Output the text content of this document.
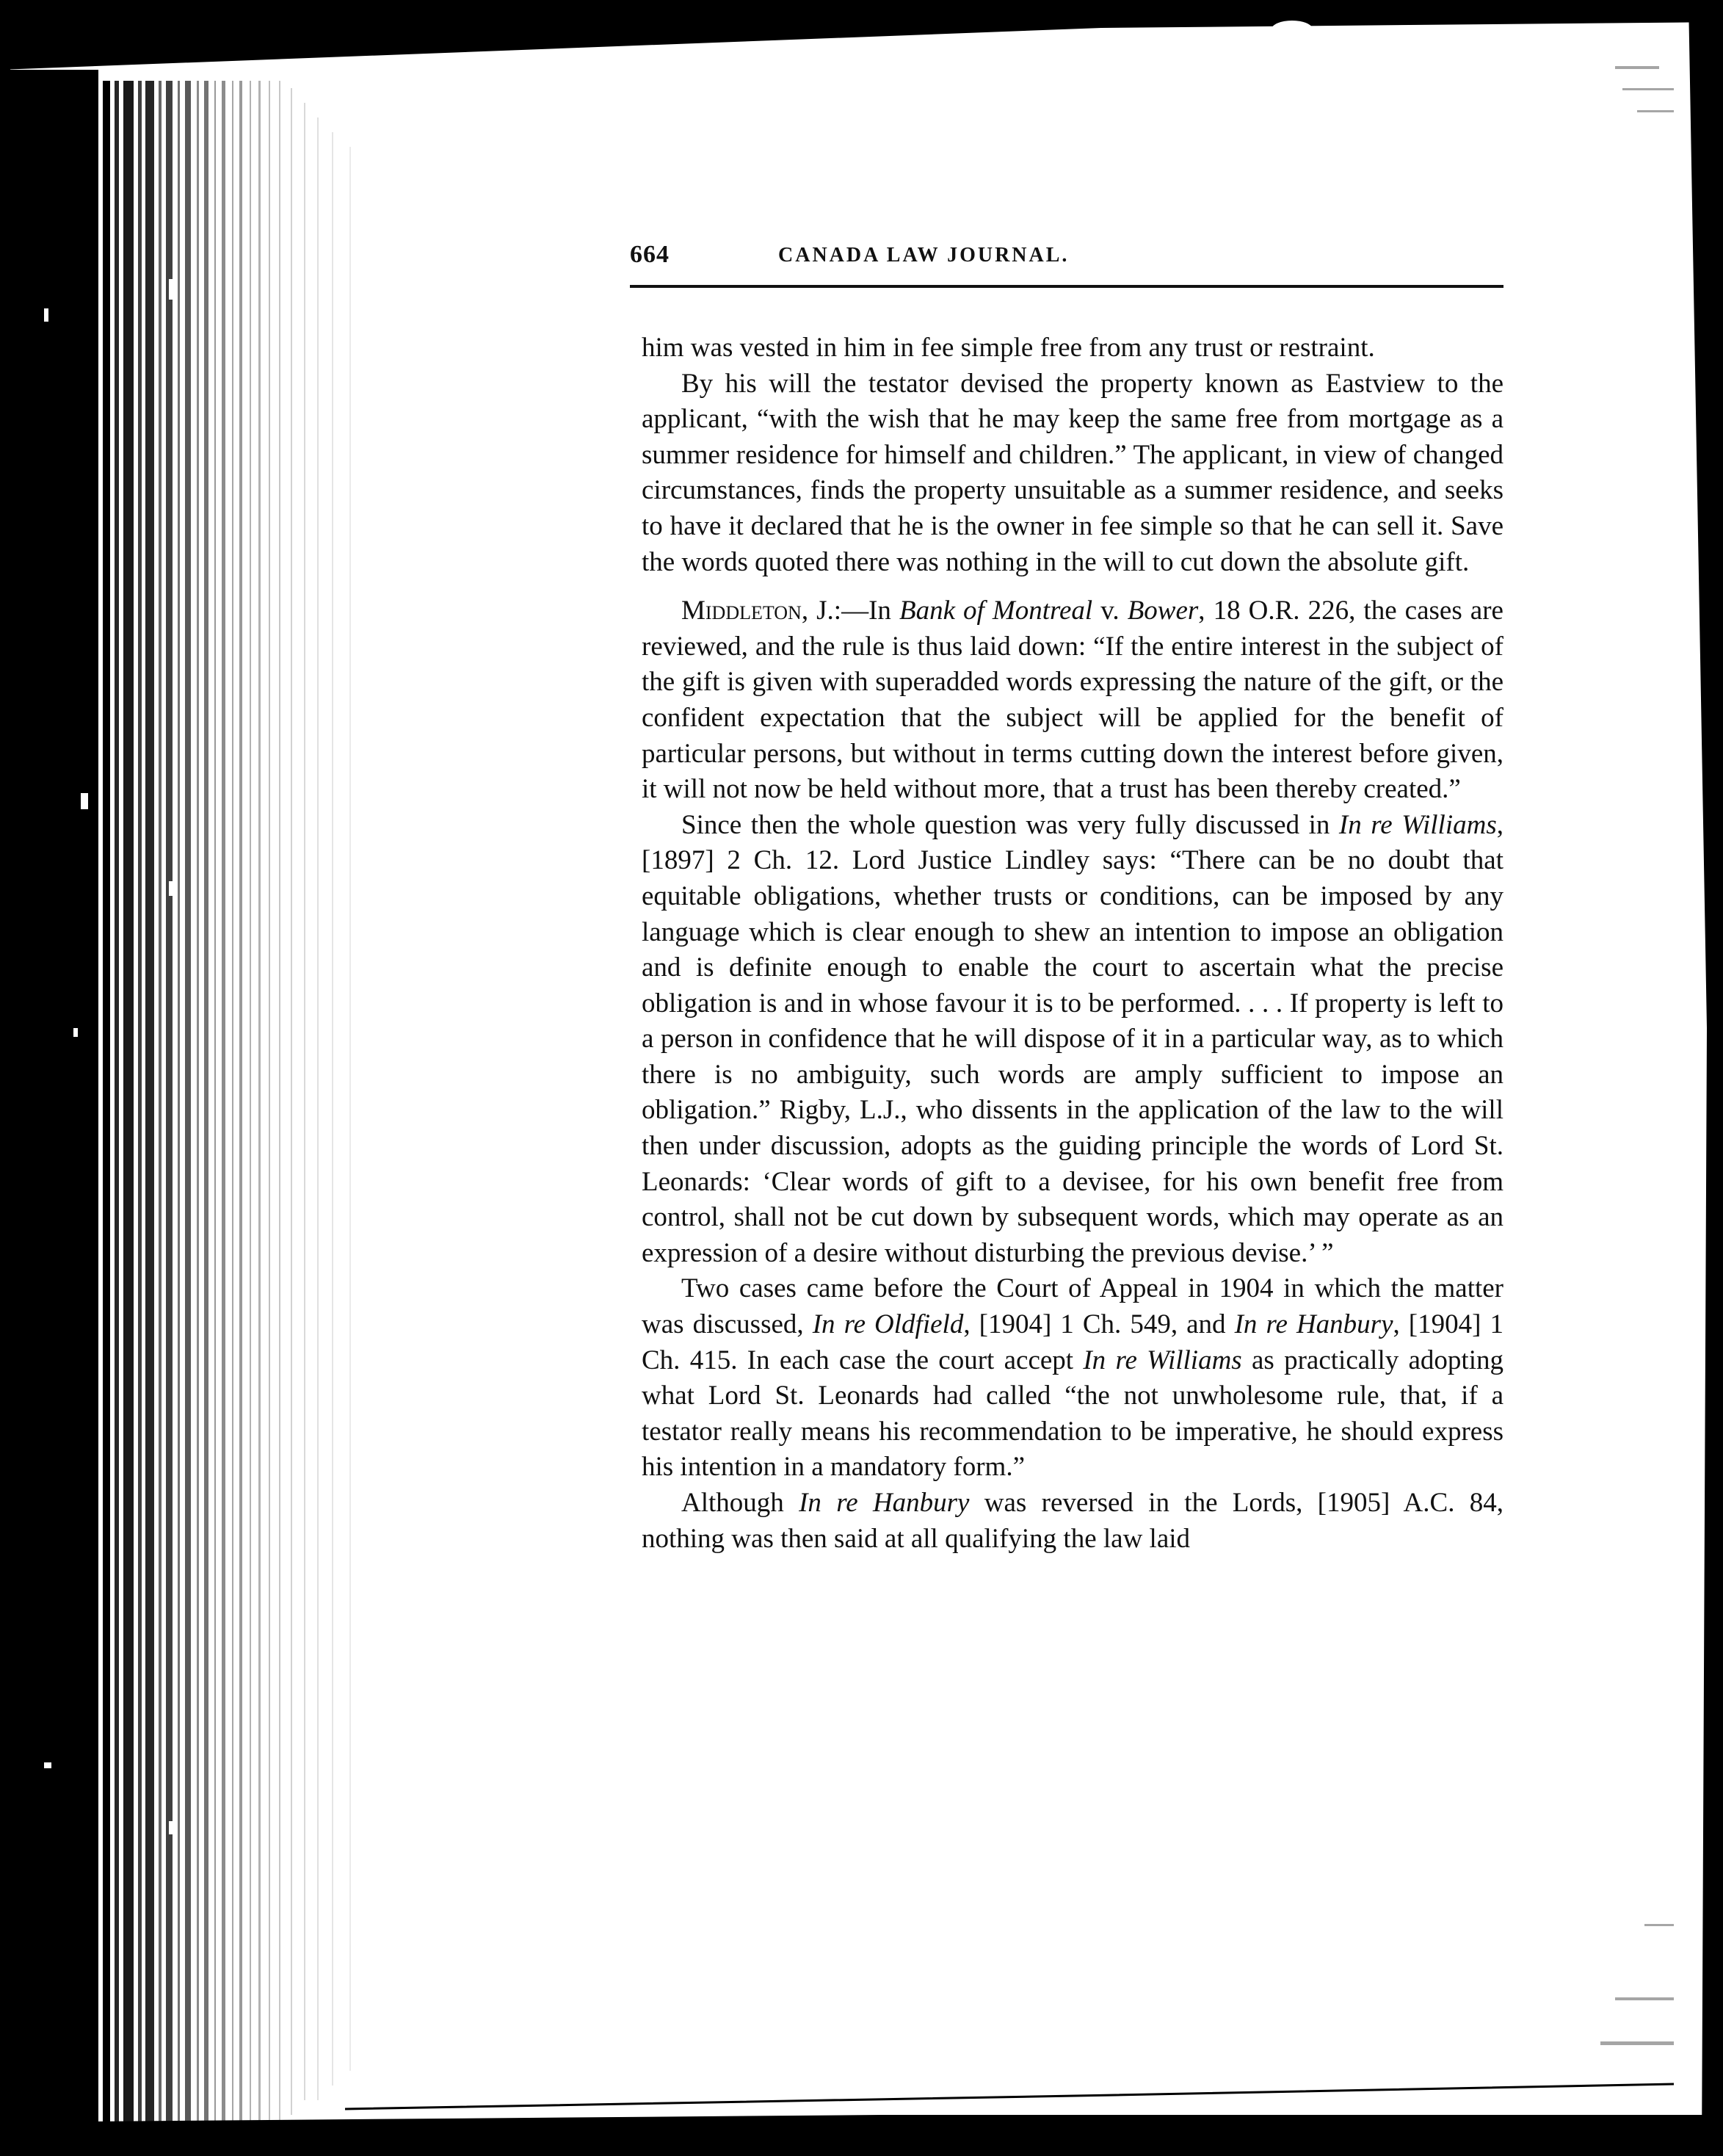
664	CANADA LAW JOURNAL.

him was vested in him in fee simple free from any trust or restraint.

By his will the testator devised the property known as Eastview to the applicant, “with the wish that he may keep the same free from mortgage as a summer residence for himself and children.” The applicant, in view of changed circumstances, finds the property unsuitable as a summer residence, and seeks to have it declared that he is the owner in fee simple so that he can sell it. Save the words quoted there was nothing in the will to cut down the absolute gift.

Middleton, J.:—In Bank of Montreal v. Bower, 18 O.R. 226, the cases are reviewed, and the rule is thus laid down: “If the entire interest in the subject of the gift is given with superadded words expressing the nature of the gift, or the confident expectation that the subject will be applied for the benefit of particular persons, but without in terms cutting down the interest before given, it will not now be held without more, that a trust has been thereby created.”

Since then the whole question was very fully discussed in In re Williams, [1897] 2 Ch. 12. Lord Justice Lindley says: “There can be no doubt that equitable obligations, whether trusts or conditions, can be imposed by any language which is clear enough to shew an intention to impose an obligation and is definite enough to enable the court to ascertain what the precise obligation is and in whose favour it is to be performed. . . . If property is left to a person in confidence that he will dispose of it in a particular way, as to which there is no ambiguity, such words are amply sufficient to impose an obligation.” Rigby, L.J., who dissents in the application of the law to the will then under discussion, adopts as the guiding principle the words of Lord St. Leonards: ‘Clear words of gift to a devisee, for his own benefit free from control, shall not be cut down by subsequent words, which may operate as an expression of a desire without disturbing the previous devise.’ ”

Two cases came before the Court of Appeal in 1904 in which the matter was discussed, In re Oldfield, [1904] 1 Ch. 549, and In re Hanbury, [1904] 1 Ch. 415. In each case the court accept In re Williams as practically adopting what Lord St. Leonards had called “the not unwholesome rule, that, if a testator really means his recommendation to be imperative, he should express his intention in a mandatory form.”

Although In re Hanbury was reversed in the Lords, [1905] A.C. 84, nothing was then said at all qualifying the law laid
